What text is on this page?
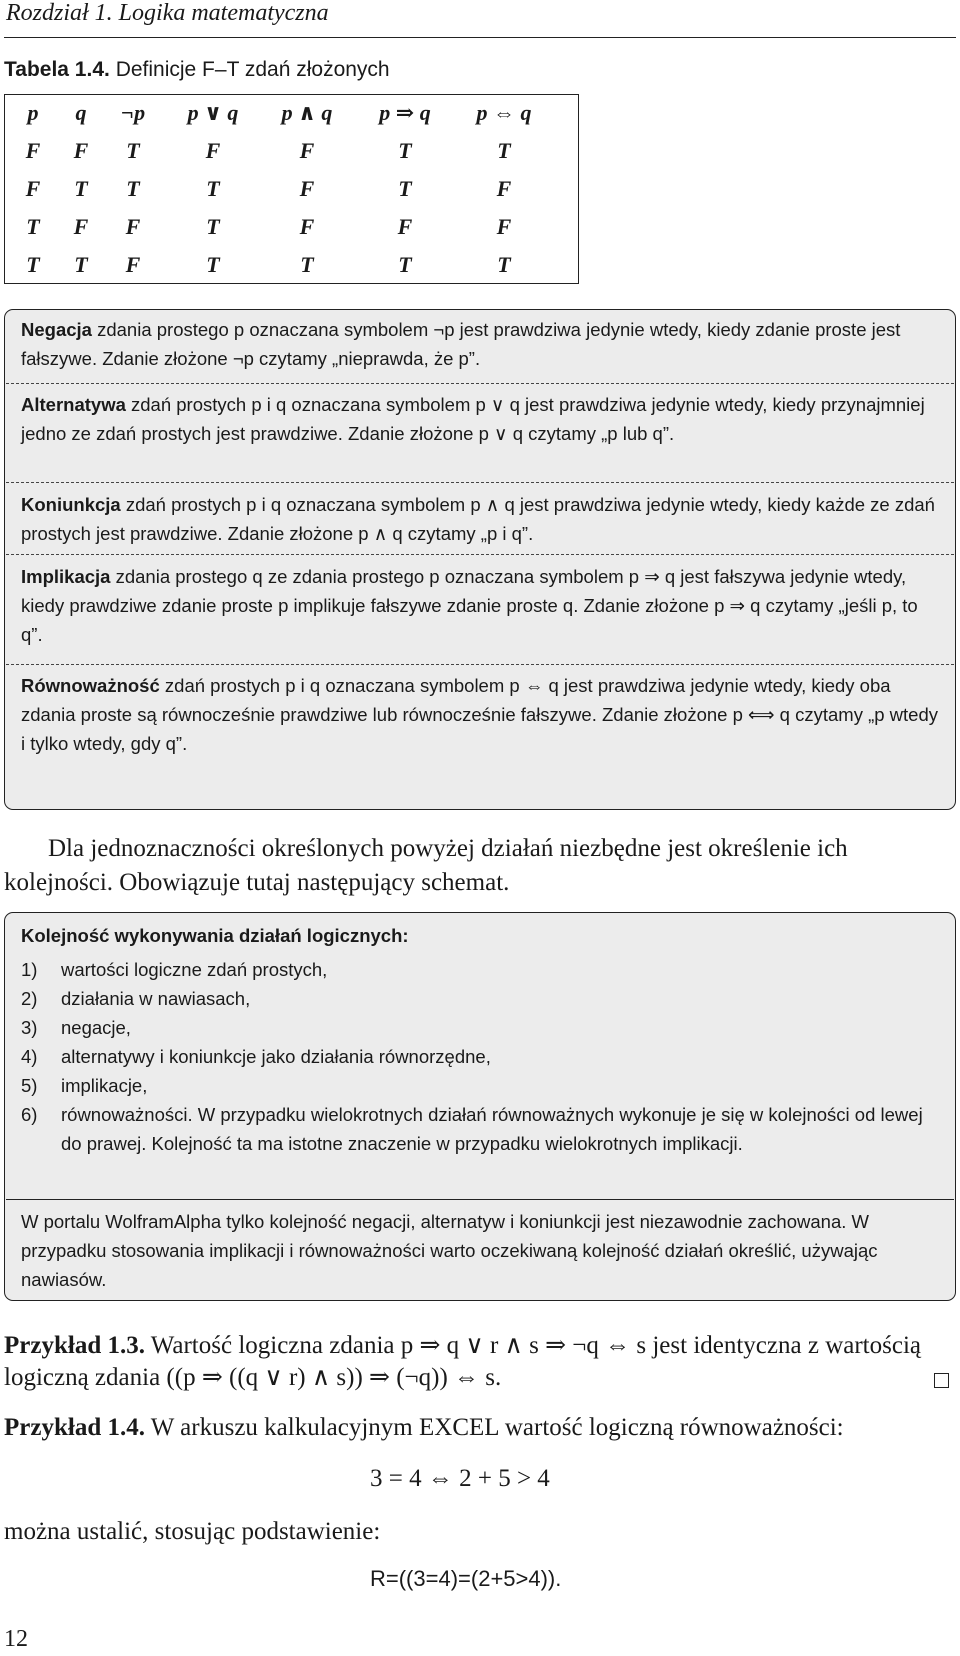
Rozdział 1. Logika matematyczna
Tabela 1.4. Definicje F–T zdań złożonych
p	q	¬p	p ∨ q	p ∧ q	p ⇒ q	p ⇔ q
F	F	T	F	F	T	T
F	T	T	T	F	T	F
T	F	F	T	F	F	F
T	T	F	T	T	T	T
Negacja zdania prostego p oznaczana symbolem ¬p jest prawdziwa jedynie wtedy, kiedy zdanie proste jest fałszywe. Zdanie złożone ¬p czytamy „nieprawda, że p”.
Alternatywa zdań prostych p i q oznaczana symbolem p ∨ q jest prawdziwa jedynie wtedy, kiedy przynajmniej jedno ze zdań prostych jest prawdziwe. Zdanie złożone p ∨ q czytamy „p lub q”.
Koniunkcja zdań prostych p i q oznaczana symbolem p ∧ q jest prawdziwa jedynie wtedy, kiedy każde ze zdań prostych jest prawdziwe. Zdanie złożone p ∧ q czytamy „p i q”.
Implikacja zdania prostego q ze zdania prostego p oznaczana symbolem p ⇒ q jest fałszywa jedynie wtedy, kiedy prawdziwe zdanie proste p implikuje fałszywe zdanie proste q. Zdanie złożone p ⇒ q czytamy „jeśli p, to q”.
Równoważność zdań prostych p i q oznaczana symbolem p ⇔ q jest prawdziwa jedynie wtedy, kiedy oba zdania proste są równocześnie prawdziwe lub równocześnie fałszywe. Zdanie złożone p ⟺ q czytamy „p wtedy i tylko wtedy, gdy q”.
Dla jednoznaczności określonych powyżej działań niezbędne jest określenie ich kolejności. Obowiązuje tutaj następujący schemat.
Kolejność wykonywania działań logicznych:
1) wartości logiczne zdań prostych,
2) działania w nawiasach,
3) negacje,
4) alternatywy i koniunkcje jako działania równorzędne,
5) implikacje,
6) równoważności. W przypadku wielokrotnych działań równoważnych wykonuje je się w kolejności od lewej do prawej. Kolejność ta ma istotne znaczenie w przypadku wielokrotnych implikacji.
W portalu WolframAlpha tylko kolejność negacji, alternatyw i koniunkcji jest niezawodnie zachowana. W przypadku stosowania implikacji i równoważności warto oczekiwaną kolejność działań określić, używając nawiasów.
Przykład 1.3. Wartość logiczna zdania p ⇒ q ∨ r ∧ s ⇒ ¬q ⇔ s jest identyczna z wartością logiczną zdania ((p ⇒ ((q ∨ r) ∧ s)) ⇒ (¬q)) ⇔ s.
Przykład 1.4. W arkuszu kalkulacyjnym EXCEL wartość logiczną równoważności:
3 = 4 ⇔ 2 + 5 > 4
można ustalić, stosując podstawienie:
R=((3=4)=(2+5>4)).
12
